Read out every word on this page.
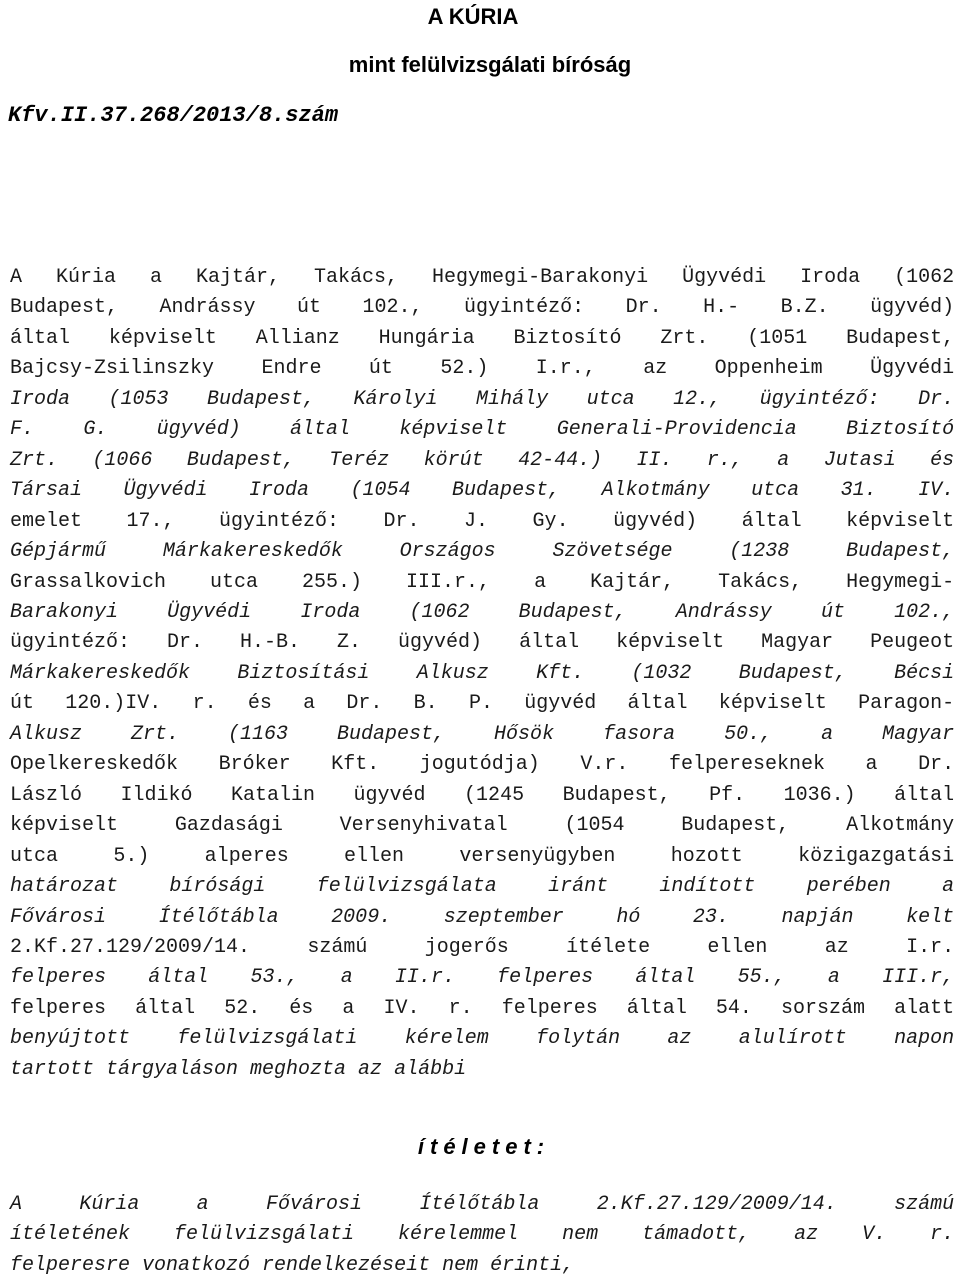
A KÚRIA
mint felülvizsgálati bíróság
Kfv.II.37.268/2013/8.szám
A Kúria a Kajtár, Takács, Hegymegi-Barakonyi Ügyvédi Iroda (1062
Budapest, Andrássy út 102., ügyintéző: Dr. H.- B.Z. ügyvéd)
által képviselt Allianz Hungária Biztosító Zrt. (1051 Budapest,
Bajcsy-Zsilinszky Endre út 52.) I.r., az Oppenheim Ügyvédi
Iroda (1053 Budapest, Károlyi Mihály utca 12., ügyintéző: Dr.
F. G. ügyvéd) által képviselt Generali-Providencia Biztosító
Zrt. (1066 Budapest, Teréz körút 42-44.) II. r., a Jutasi és
Társai Ügyvédi Iroda (1054 Budapest, Alkotmány utca 31. IV.
emelet 17., ügyintéző: Dr. J. Gy. ügyvéd) által képviselt
Gépjármű Márkakereskedők Országos Szövetsége (1238 Budapest,
Grassalkovich utca 255.) III.r., a Kajtár, Takács, Hegymegi-
Barakonyi Ügyvédi Iroda (1062 Budapest, Andrássy út 102.,
ügyintéző: Dr. H.-B. Z. ügyvéd) által képviselt Magyar Peugeot
Márkakereskedők Biztosítási Alkusz Kft. (1032 Budapest, Bécsi
út 120.)IV. r. és a Dr. B. P. ügyvéd által képviselt Paragon-
Alkusz Zrt. (1163 Budapest, Hősök fasora 50., a Magyar
Opelkereskedők Bróker Kft. jogutódja) V.r. felpereseknek a Dr.
László Ildikó Katalin ügyvéd (1245 Budapest, Pf. 1036.) által
képviselt Gazdasági Versenyhivatal (1054 Budapest, Alkotmány
utca 5.) alperes ellen versenyügyben hozott közigazgatási
határozat bírósági felülvizsgálata iránt indított perében a
Fővárosi Ítélőtábla 2009. szeptember hó 23. napján kelt
2.Kf.27.129/2009/14. számú jogerős ítélete ellen az I.r.
felperes által 53., a II.r. felperes által 55., a III.r,
felperes által 52. és a IV. r. felperes által 54. sorszám alatt
benyújtott felülvizsgálati kérelem folytán az alulírott napon
tartott tárgyaláson meghozta az alábbi
ítéletet:
A Kúria a Fővárosi Ítélőtábla 2.Kf.27.129/2009/14. számú
ítéletének felülvizsgálati kérelemmel nem támadott, az V. r.
felperesre vonatkozó rendelkezéseit nem érinti,
